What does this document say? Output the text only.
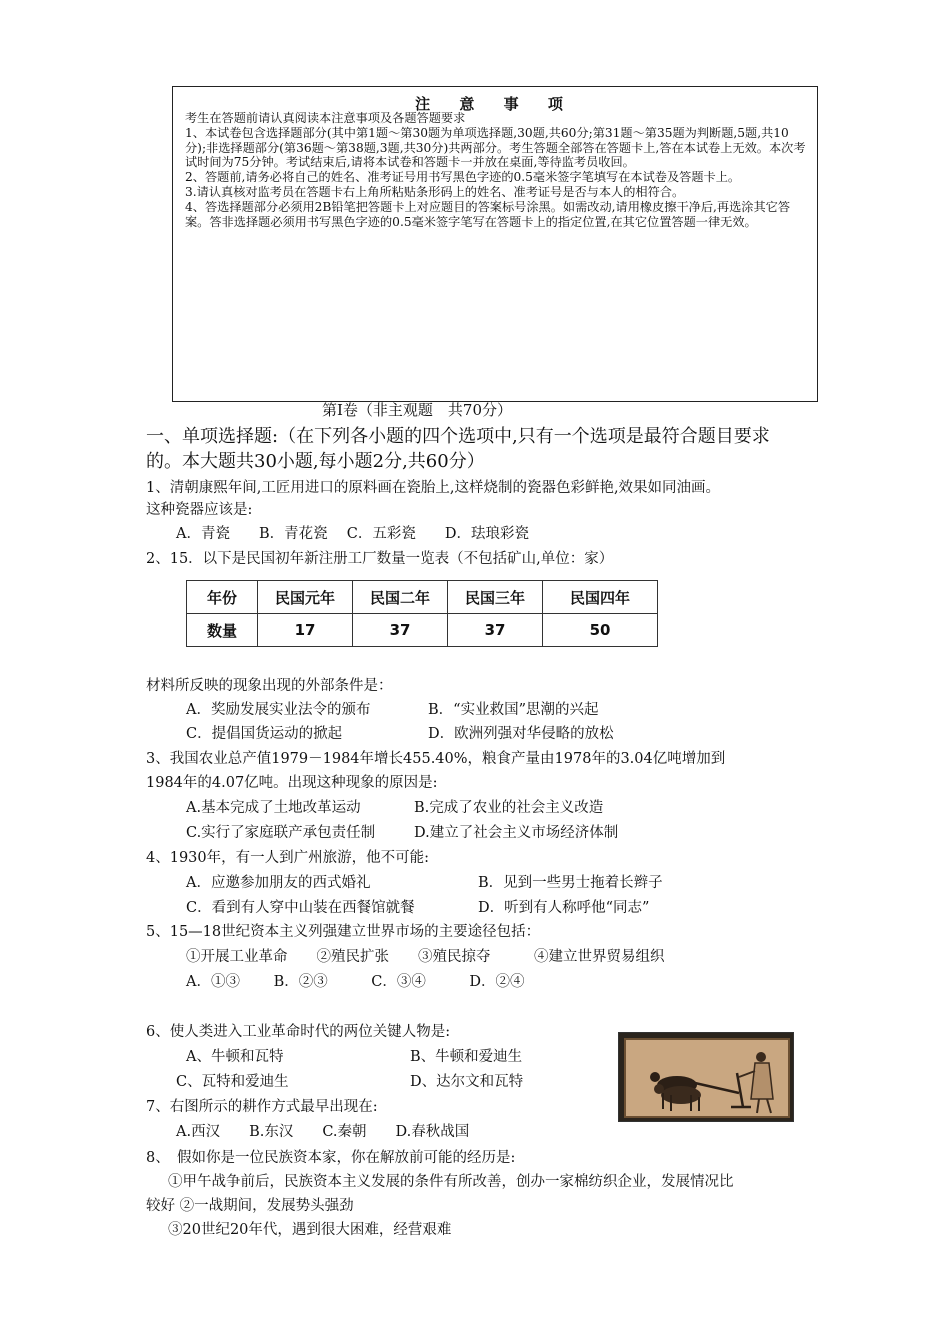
注 意 事 项

考生在答题前请认真阅读本注意事项及各题答题要求

1、本试卷包含选择题部分(其中第1题～第30题为单项选择题,30题,共60分;第31题～第35题为判断题,5题,共10分);非选择题部分(第36题～第38题,3题,共30分)共两部分。考生答题全部答在答题卡上,答在本试卷上无效。本次考试时间为75分钟。考试结束后,请将本试卷和答题卡一并放在桌面,等待监考员收回。

2、答题前,请务必将自己的姓名、准考证号用书写黑色字迹的0.5毫米签字笔填写在本试卷及答题卡上。

3.请认真核对监考员在答题卡右上角所粘贴条形码上的姓名、准考证号是否与本人的相符合。

4、答选择题部分必须用2B铅笔把答题卡上对应题目的答案标号涂黑。如需改动,请用橡皮擦干净后,再选涂其它答案。答非选择题必须用书写黑色字迹的0.5毫米签字笔写在答题卡上的指定位置,在其它位置答题一律无效。

第Ⅰ卷（非主观题　共70分）
一、单项选择题:（在下列各小题的四个选项中,只有一个选项是最符合题目要求
的。本大题共30小题,每小题2分,共60分）
1、清朝康熙年间,工匠用进口的原料画在瓷胎上,这样烧制的瓷器色彩鲜艳,效果如同油画。
这种瓷器应该是:
A．青瓷　　B．青花瓷　 C．五彩瓷　　D．珐琅彩瓷
2、15．以下是民国初年新注册工厂数量一览表（不包括矿山,单位：家）
年份	民国元年	民国二年	民国三年	民国四年
数量	17	37	37	50
材料所反映的现象出现的外部条件是：
A．奖励发展实业法令的颁布	B．“实业救国”思潮的兴起
C．提倡国货运动的掀起	D．欧洲列强对华侵略的放松
3、我国农业总产值1979－1984年增长455.40%，粮食产量由1978年的3.04亿吨增加到
1984年的4.07亿吨。出现这种现象的原因是:
A.基本完成了土地改革运动	B.完成了农业的社会主义改造
C.实行了家庭联产承包责任制	D.建立了社会主义市场经济体制
4、1930年，有一人到广州旅游，他不可能:
A．应邀参加朋友的西式婚礼	B．见到一些男士拖着长辫子
C．看到有人穿中山装在西餐馆就餐	D．听到有人称呼他“同志”
5、15—18世纪资本主义列强建立世界市场的主要途径包括：
①开展工业革命　　②殖民扩张　　③殖民掠夺　　　④建立世界贸易组织
A．①③　　 B．②③　　　C．③④　　　D．②④
6、使人类进入工业革命时代的两位关键人物是:
A、牛顿和瓦特	B、牛顿和爱迪生
C、瓦特和爱迪生	D、达尔文和瓦特
7、右图所示的耕作方式最早出现在:
A.西汉　　B.东汉　　C.秦朝　　D.春秋战国
8、　假如你是一位民族资本家，你在解放前可能的经历是:
①甲午战争前后，民族资本主义发展的条件有所改善，创办一家棉纺织企业，发展情况比
较好 ②一战期间，发展势头强劲
③20世纪20年代，遇到很大困难，经营艰难
